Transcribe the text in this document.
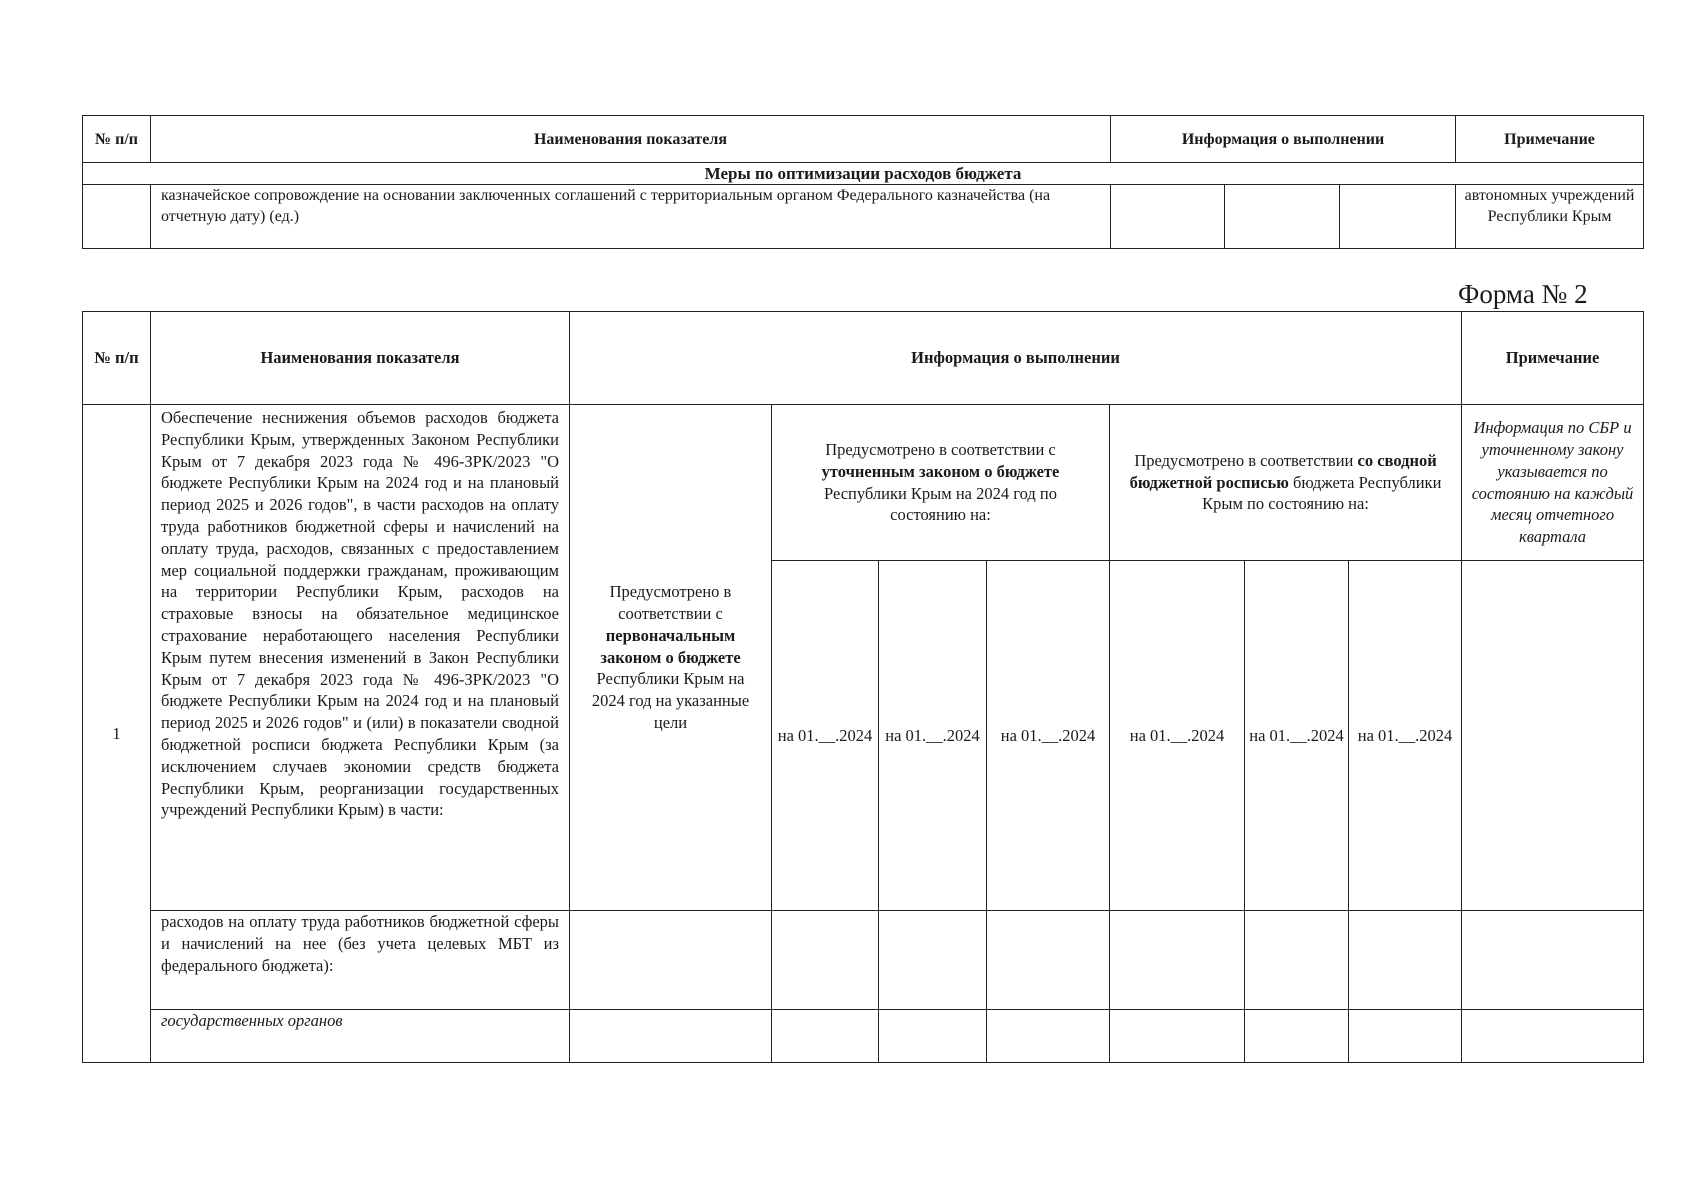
№ п/п	Наименования показателя	Информация о выполнении			Примечание
Меры по оптимизации расходов бюджета					

	казначейское сопровождение на основании заключенных соглашений с территориальным органом Федерального казначейства (на отчетную дату) (ед.)				автономных учреждений Республики Крым
Форма № 2
№ п/п	Наименования показателя	Информация о выполнении							Примечание
1	Обеспечение неснижения объемов расходов бюджета Республики Крым, утвержденных Законом Республики Крым от 7 декабря 2023 года № 496-ЗРК/2023 "О бюджете Республики Крым на 2024 год и на плановый период 2025 и 2026 годов", в части расходов на оплату труда работников бюджетной сферы и начислений на оплату труда, расходов, связанных с предоставлением мер социальной поддержки гражданам, проживающим на территории Республики Крым, расходов на страховые взносы на обязательное медицинское страхование неработающего населения Республики Крым путем внесения изменений в Закон Республики Крым от 7 декабря 2023 года № 496-ЗРК/2023 "О бюджете Республики Крым на 2024 год и на плановый период 2025 и 2026 годов" и (или) в показатели сводной бюджетной росписи бюджета Республики Крым (за исключением случаев экономии средств бюджета Республики Крым, реорганизации государственных учреждений Республики Крым) в части:	Предусмотрено в соответствии с первоначальным законом о бюджете Республики Крым на 2024 год на указанные цели	Предусмотрено в соответствии с уточненным законом о бюджете Республики Крым на 2024 год по состоянию на:			Предусмотрено в соответствии со сводной бюджетной росписью бюджета Республики Крым по состоянию на:			Информация по СБР и уточненному закону указывается по состоянию на каждый месяц отчетного квартала
			на 01.__.2024	на 01.__.2024	на 01.__.2024	на 01.__.2024	на 01.__.2024	на 01.__.2024	

	расходов на оплату труда работников бюджетной сферы и начислений на нее (без учета целевых МБТ из федерального бюджета):								

	государственных органов								
